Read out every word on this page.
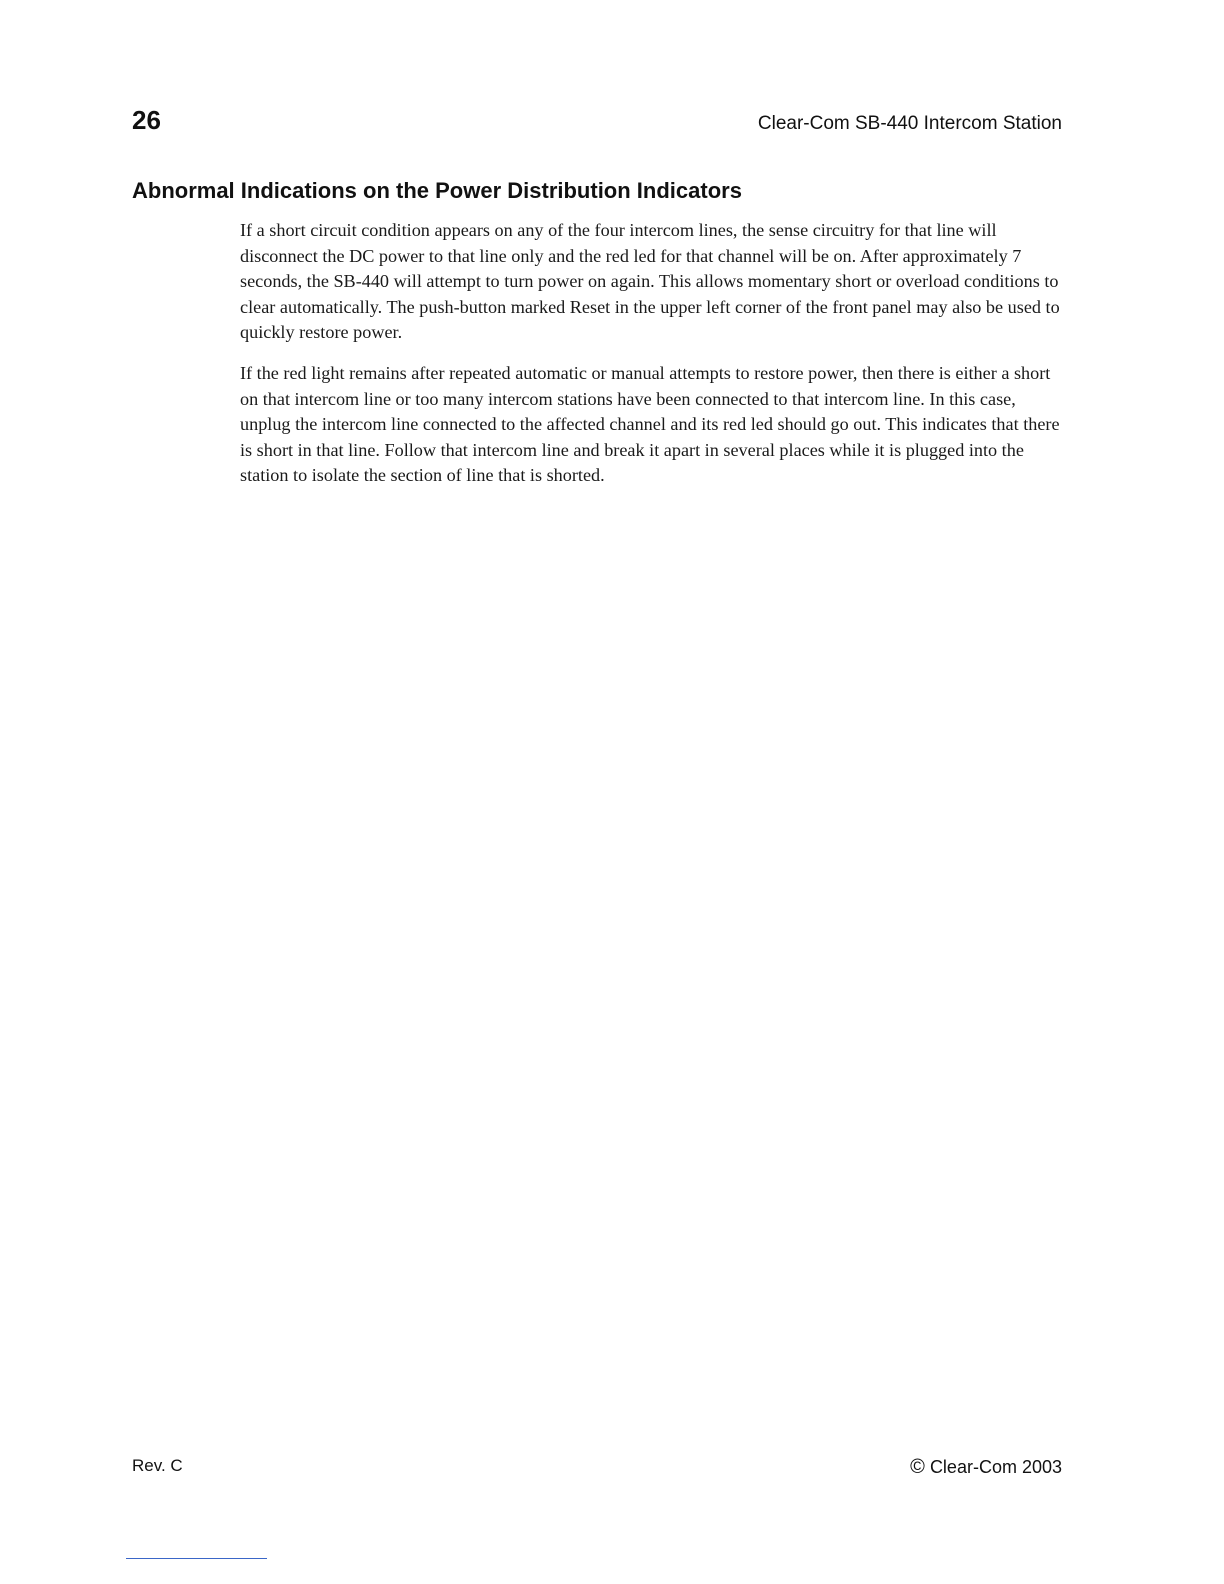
26	Clear-Com SB-440 Intercom Station
Abnormal Indications on the Power Distribution Indicators

If a short circuit condition appears on any of the four intercom lines, the sense circuitry for that line will disconnect the DC power to that line only and the red led for that channel will be on. After approximately 7 seconds, the SB-440 will attempt to turn power on again. This allows momentary short or overload conditions to clear automatically. The push-button marked Reset in the upper left corner of the front panel may also be used to quickly restore power.

If the red light remains after repeated automatic or manual attempts to restore power, then there is either a short on that intercom line or too many intercom stations have been connected to that intercom line. In this case, unplug the intercom line connected to the affected channel and its red led should go out. This indicates that there is short in that line. Follow that intercom line and break it apart in several places while it is plugged into the station to isolate the section of line that is shorted.

Rev. C	© Clear-Com 2003
